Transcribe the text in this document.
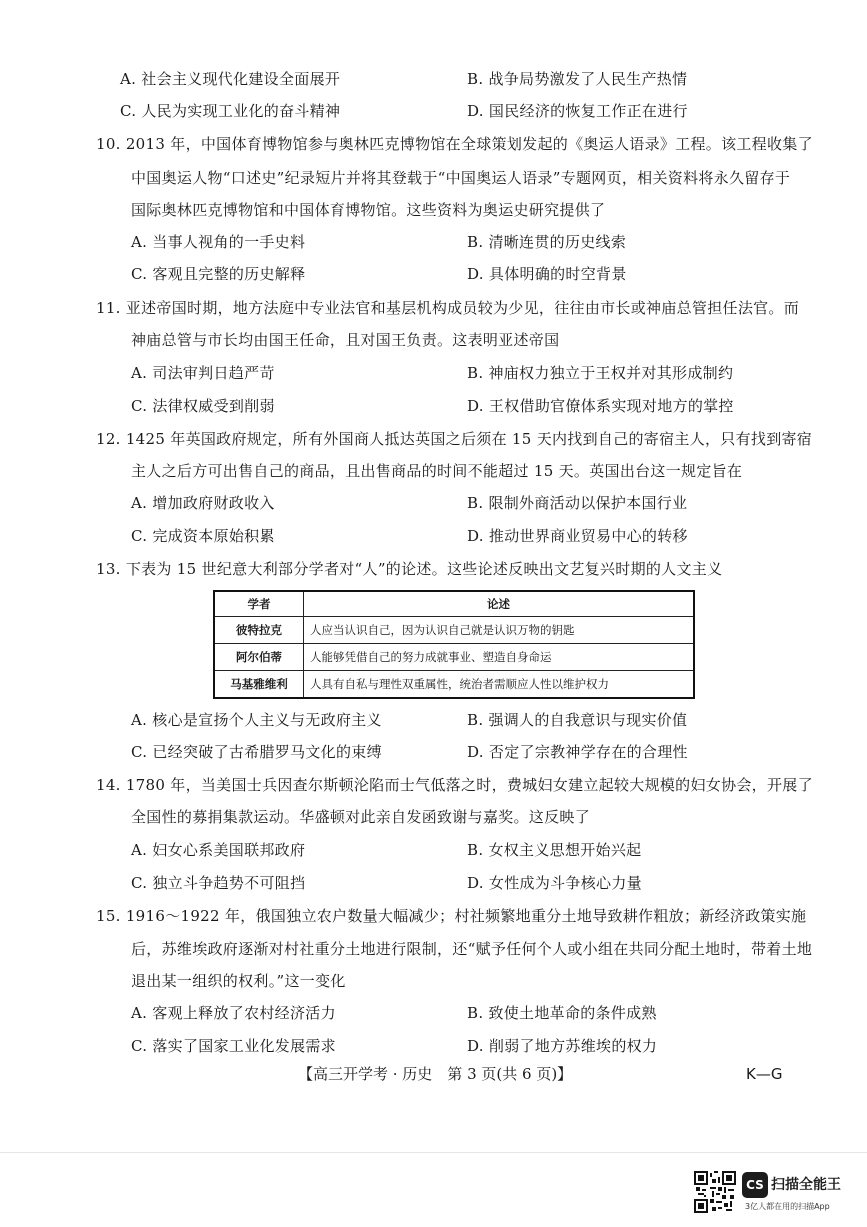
A. 社会主义现代化建设全面展开	B. 战争局势激发了人民生产热情
C. 人民为实现工业化的奋斗精神	D. 国民经济的恢复工作正在进行
10. 2013 年，中国体育博物馆参与奥林匹克博物馆在全球策划发起的《奥运人语录》工程。该工程收集了
中国奥运人物“口述史”纪录短片并将其登载于“中国奥运人语录”专题网页，相关资料将永久留存于
国际奥林匹克博物馆和中国体育博物馆。这些资料为奥运史研究提供了
A. 当事人视角的一手史料	B. 清晰连贯的历史线索
C. 客观且完整的历史解释	D. 具体明确的时空背景
11. 亚述帝国时期，地方法庭中专业法官和基层机构成员较为少见，往往由市长或神庙总管担任法官。而
神庙总管与市长均由国王任命，且对国王负责。这表明亚述帝国
A. 司法审判日趋严苛	B. 神庙权力独立于王权并对其形成制约
C. 法律权威受到削弱	D. 王权借助官僚体系实现对地方的掌控
12. 1425 年英国政府规定，所有外国商人抵达英国之后须在 15 天内找到自己的寄宿主人，只有找到寄宿
主人之后方可出售自己的商品，且出售商品的时间不能超过 15 天。英国出台这一规定旨在
A. 增加政府财政收入	B. 限制外商活动以保护本国行业
C. 完成资本原始积累	D. 推动世界商业贸易中心的转移
13. 下表为 15 世纪意大利部分学者对“人”的论述。这些论述反映出文艺复兴时期的人文主义
学者	论述
彼特拉克	人应当认识自己，因为认识自己就是认识万物的钥匙
阿尔伯蒂	人能够凭借自己的努力成就事业、塑造自身命运
马基雅维利	人具有自私与理性双重属性，统治者需顺应人性以维护权力
A. 核心是宣扬个人主义与无政府主义	B. 强调人的自我意识与现实价值
C. 已经突破了古希腊罗马文化的束缚	D. 否定了宗教神学存在的合理性
14. 1780 年，当美国士兵因查尔斯顿沦陷而士气低落之时，费城妇女建立起较大规模的妇女协会，开展了
全国性的募捐集款运动。华盛顿对此亲自发函致谢与嘉奖。这反映了
A. 妇女心系美国联邦政府	B. 女权主义思想开始兴起
C. 独立斗争趋势不可阻挡	D. 女性成为斗争核心力量
15. 1916～1922 年，俄国独立农户数量大幅减少；村社频繁地重分土地导致耕作粗放；新经济政策实施
后，苏维埃政府逐渐对村社重分土地进行限制，还“赋予任何个人或小组在共同分配土地时，带着土地
退出某一组织的权利。”这一变化
A. 客观上释放了农村经济活力	B. 致使土地革命的条件成熟
C. 落实了国家工业化发展需求	D. 削弱了地方苏维埃的权力
【高三开学考 · 历史　第 3 页(共 6 页)】	K—G
CS 扫描全能王
3亿人都在用的扫描App
